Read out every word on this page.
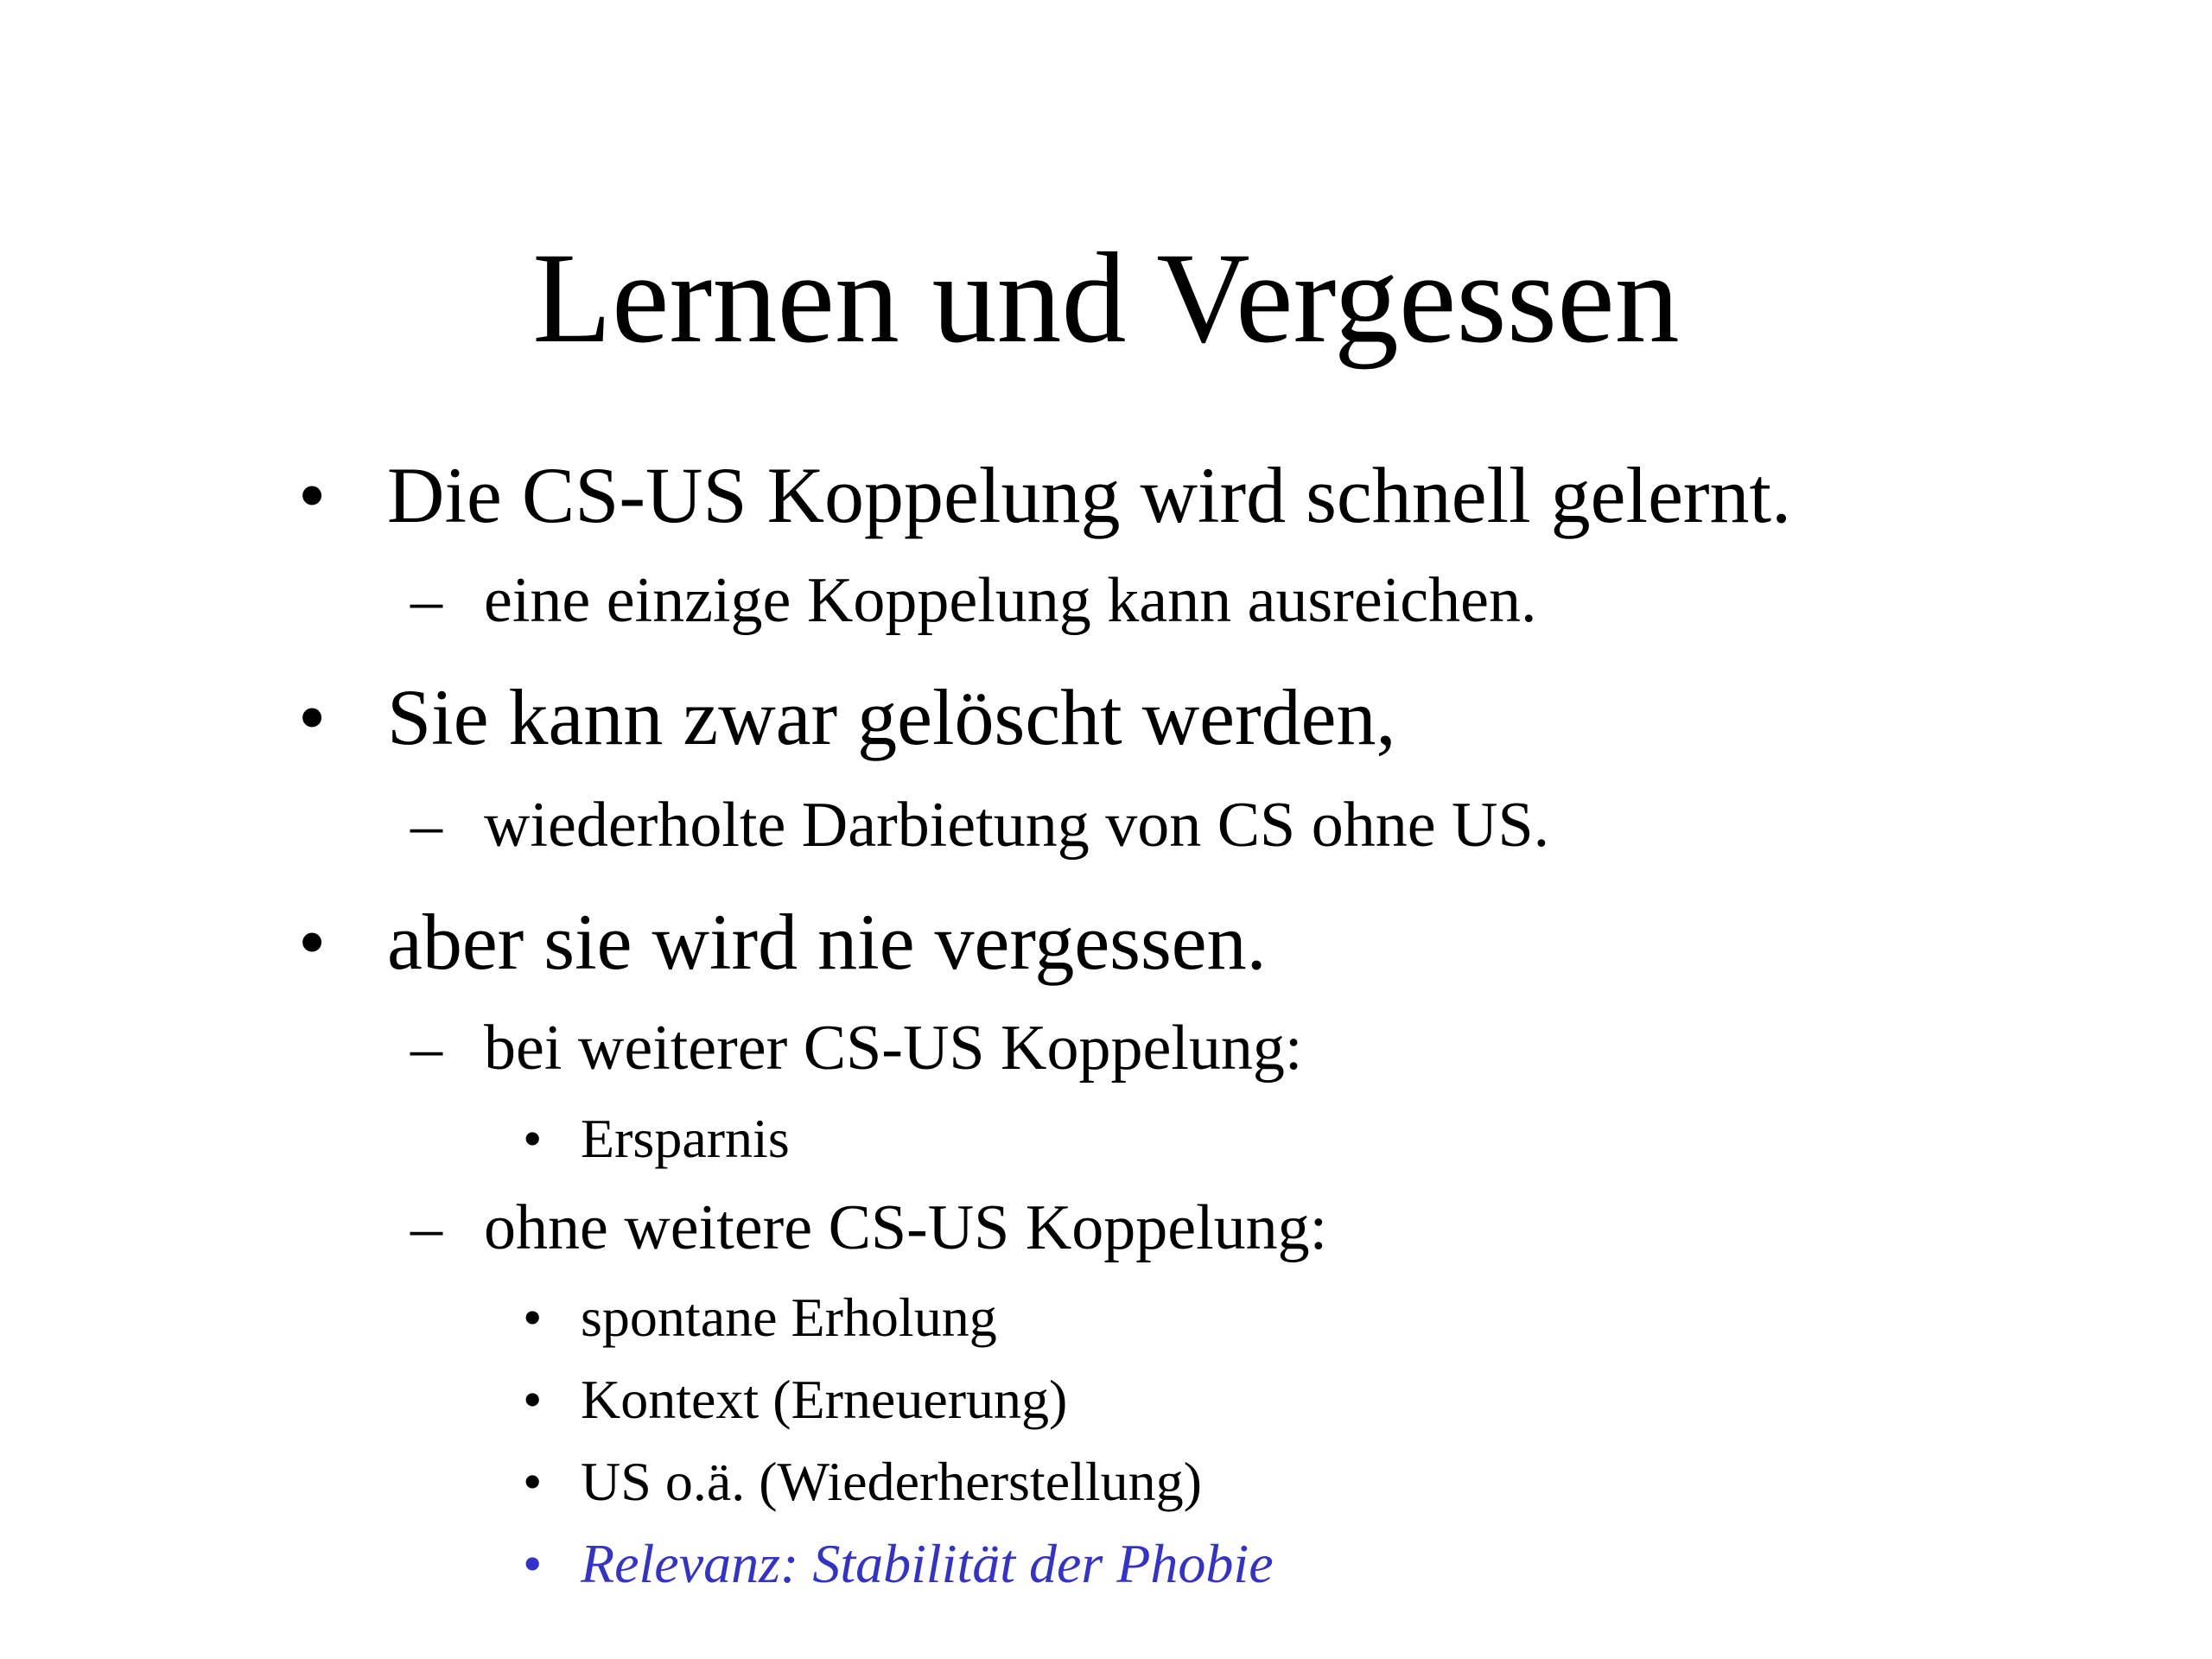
Lernen und Vergessen
• Die CS-US Koppelung wird schnell gelernt.
– eine einzige Koppelung kann ausreichen.
• Sie kann zwar gelöscht werden,
– wiederholte Darbietung von CS ohne US.
• aber sie wird nie vergessen.
– bei weiterer CS-US Koppelung:
• Ersparnis
– ohne weitere CS-US Koppelung:
• spontane Erholung
• Kontext (Erneuerung)
• US o.ä. (Wiederherstellung)
• Relevanz: Stabilität der Phobie
